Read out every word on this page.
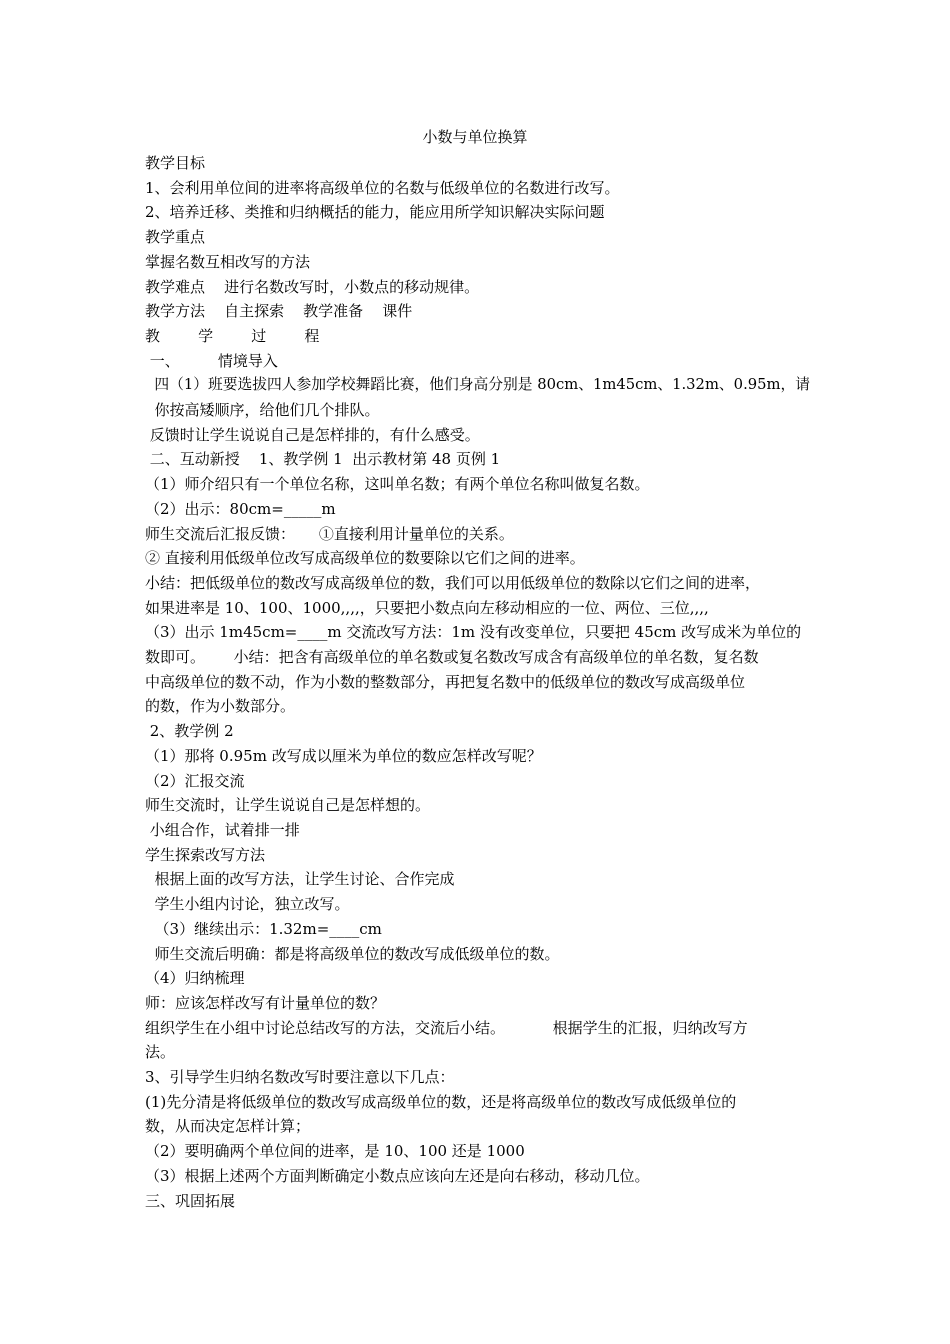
小数与单位换算

教学目标

1、会利用单位间的进率将高级单位的名数与低级单位的名数进行改写。

2、培养迁移、类推和归纳概括的能力，能应用所学知识解决实际问题

教学重点

掌握名数互相改写的方法

教学难点    进行名数改写时，小数点的移动规律。

教学方法    自主探索    教学准备    课件

教        学        过        程

一、        情境导入

四（1）班要选拔四人参加学校舞蹈比赛，他们身高分别是 80cm、1m45cm、1.32m、0.95m，请

你按高矮顺序，给他们几个排队。

反馈时让学生说说自己是怎样排的，有什么感受。

二、互动新授    1、教学例 1  出示教材第 48 页例 1

（1）师介绍只有一个单位名称，这叫单名数；有两个单位名称叫做复名数。

（2）出示：80cm=_____m

师生交流后汇报反馈：     ①直接利用计量单位的关系。

② 直接利用低级单位改写成高级单位的数要除以它们之间的进率。

小结：把低级单位的数改写成高级单位的数，我们可以用低级单位的数除以它们之间的进率，

如果进率是 10、100、1000,,,,，只要把小数点向左移动相应的一位、两位、三位,,,,

（3）出示 1m45cm=____m 交流改写方法：1m 没有改变单位，只要把 45cm 改写成米为单位的

数即可。      小结：把含有高级单位的单名数或复名数改写成含有高级单位的单名数，复名数

中高级单位的数不动，作为小数的整数部分，再把复名数中的低级单位的数改写成高级单位

的数，作为小数部分。

2、教学例 2

（1）那将 0.95m 改写成以厘米为单位的数应怎样改写呢？

（2）汇报交流

师生交流时，让学生说说自己是怎样想的。

小组合作，试着排一排

学生探索改写方法

根据上面的改写方法，让学生讨论、合作完成

学生小组内讨论，独立改写。

（3）继续出示：1.32m=____cm

师生交流后明确：都是将高级单位的数改写成低级单位的数。

（4）归纳梳理

师：应该怎样改写有计量单位的数？

组织学生在小组中讨论总结改写的方法，交流后小结。          根据学生的汇报，归纳改写方

法。

3、引导学生归纳名数改写时要注意以下几点：

(1)先分清是将低级单位的数改写成高级单位的数，还是将高级单位的数改写成低级单位的

数，从而决定怎样计算；

（2）要明确两个单位间的进率，是 10、100 还是 1000

（3）根据上述两个方面判断确定小数点应该向左还是向右移动，移动几位。

三、巩固拓展
